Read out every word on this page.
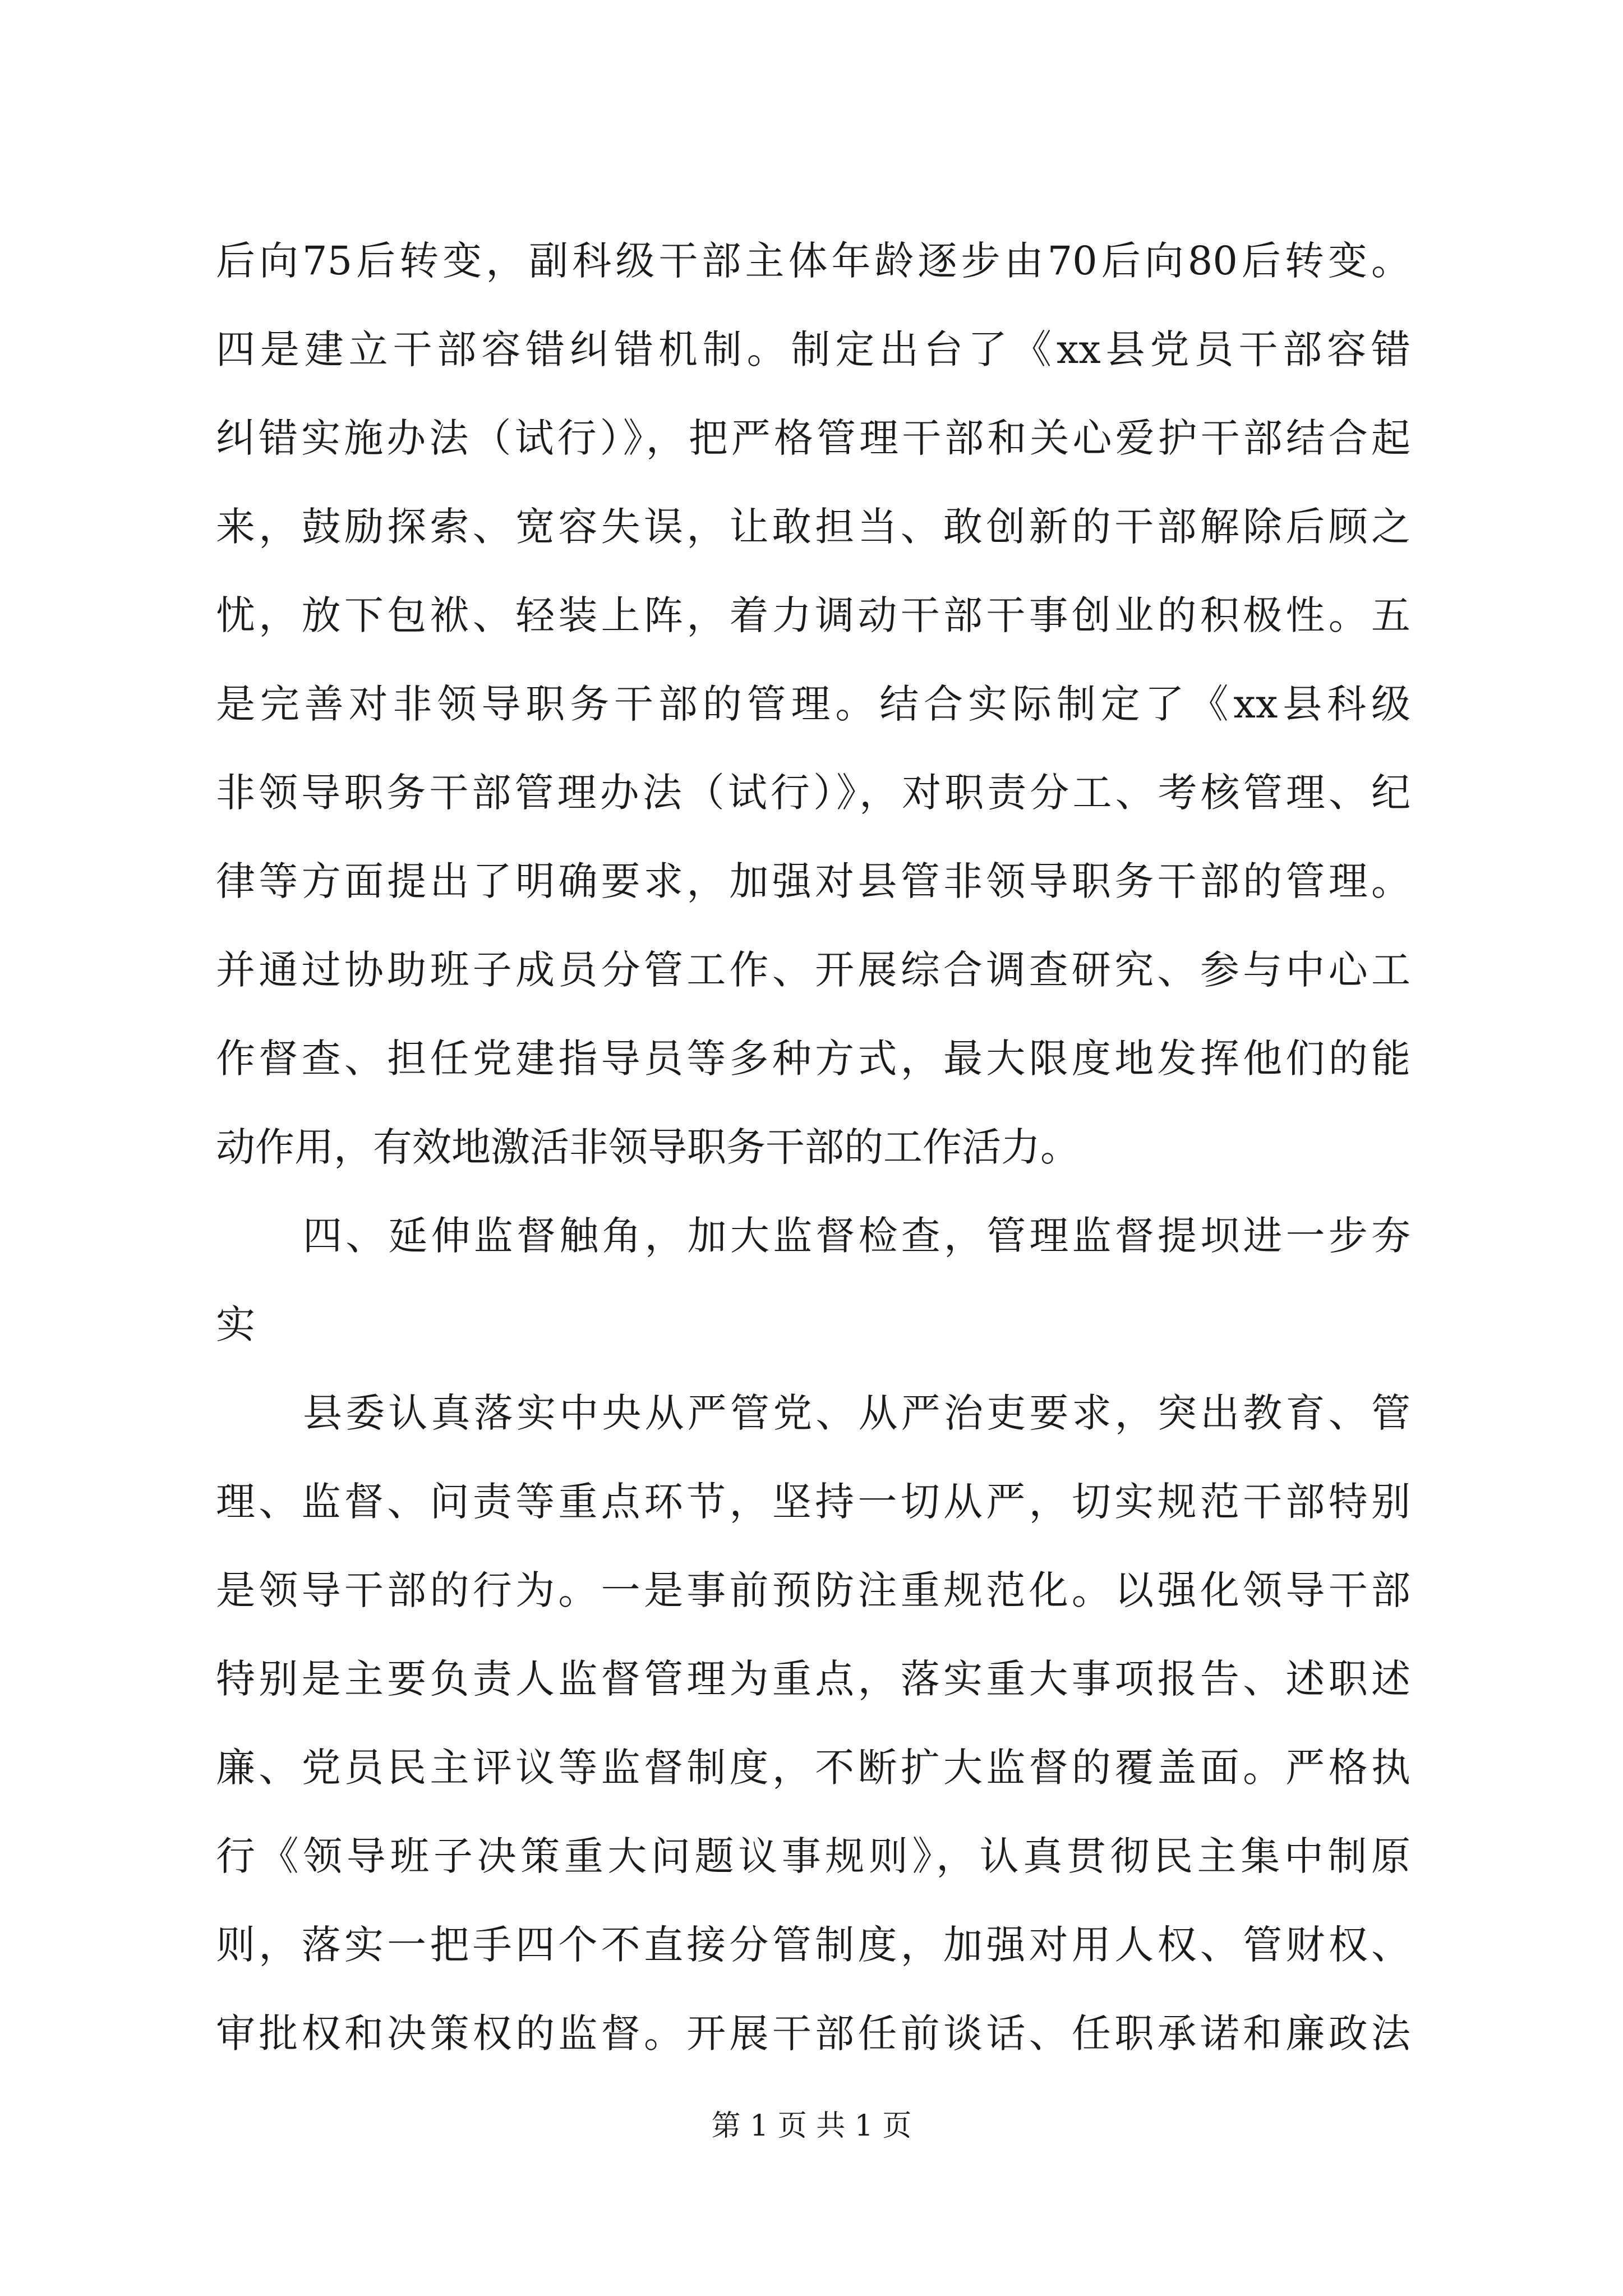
后向75后转变，副科级干部主体年龄逐步由70后向80后转变。
四是建立干部容错纠错机制。制定出台了《xx县党员干部容错
纠错实施办法（试行）》，把严格管理干部和关心爱护干部结合起
来，鼓励探索、宽容失误，让敢担当、敢创新的干部解除后顾之
忧，放下包袱、轻装上阵，着力调动干部干事创业的积极性。五
是完善对非领导职务干部的管理。结合实际制定了《xx县科级
非领导职务干部管理办法（试行）》，对职责分工、考核管理、纪
律等方面提出了明确要求，加强对县管非领导职务干部的管理。
并通过协助班子成员分管工作、开展综合调查研究、参与中心工
作督查、担任党建指导员等多种方式，最大限度地发挥他们的能
动作用，有效地激活非领导职务干部的工作活力。
四、延伸监督触角，加大监督检查，管理监督提坝进一步夯
实
县委认真落实中央从严管党、从严治吏要求，突出教育、管
理、监督、问责等重点环节，坚持一切从严，切实规范干部特别
是领导干部的行为。一是事前预防注重规范化。以强化领导干部
特别是主要负责人监督管理为重点，落实重大事项报告、述职述
廉、党员民主评议等监督制度，不断扩大监督的覆盖面。严格执
行《领导班子决策重大问题议事规则》，认真贯彻民主集中制原
则，落实一把手四个不直接分管制度，加强对用人权、管财权、
审批权和决策权的监督。开展干部任前谈话、任职承诺和廉政法
第 1 页 共 1 页
